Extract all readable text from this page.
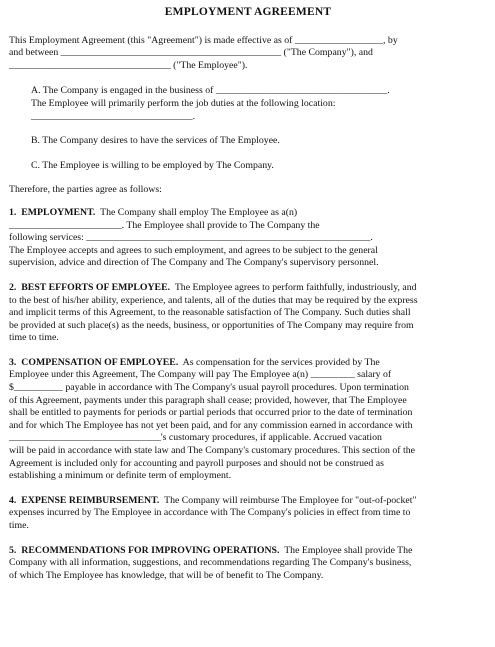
EMPLOYMENT AGREEMENT

This Employment Agreement (this "Agreement") is made effective as of __________________, by
and between _____________________________________________ ("The Company"), and
_________________________________ ("The Employee").

A. The Company is engaged in the business of ___________________________________.
The Employee will primarily perform the job duties at the following location:
_________________________________.

B. The Company desires to have the services of The Employee.

C. The Employee is willing to be employed by The Company.

Therefore, the parties agree as follows:

1. EMPLOYMENT. The Company shall employ The Employee as a(n)
_______________________. The Employee shall provide to The Company the
following services: __________________________________________________________.
The Employee accepts and agrees to such employment, and agrees to be subject to the general
supervision, advice and direction of The Company and The Company's supervisory personnel.

2. BEST EFFORTS OF EMPLOYEE. The Employee agrees to perform faithfully, industriously, and
to the best of his/her ability, experience, and talents, all of the duties that may be required by the express
and implicit terms of this Agreement, to the reasonable satisfaction of The Company. Such duties shall
be provided at such place(s) as the needs, business, or opportunities of The Company may require from
time to time.

3. COMPENSATION OF EMPLOYEE. As compensation for the services provided by The
Employee under this Agreement, The Company will pay The Employee a(n) _________ salary of
$__________ payable in accordance with The Company's usual payroll procedures. Upon termination
of this Agreement, payments under this paragraph shall cease; provided, however, that The Employee
shall be entitled to payments for periods or partial periods that occurred prior to the date of termination
and for which The Employee has not yet been paid, and for any commission earned in accordance with
_______________________________'s customary procedures, if applicable. Accrued vacation
will be paid in accordance with state law and The Company's customary procedures. This section of the
Agreement is included only for accounting and payroll purposes and should not be construed as
establishing a minimum or definite term of employment.

4. EXPENSE REIMBURSEMENT. The Company will reimburse The Employee for "out-of-pocket"
expenses incurred by The Employee in accordance with The Company's policies in effect from time to
time.

5. RECOMMENDATIONS FOR IMPROVING OPERATIONS. The Employee shall provide The
Company with all information, suggestions, and recommendations regarding The Company's business,
of which The Employee has knowledge, that will be of benefit to The Company.
